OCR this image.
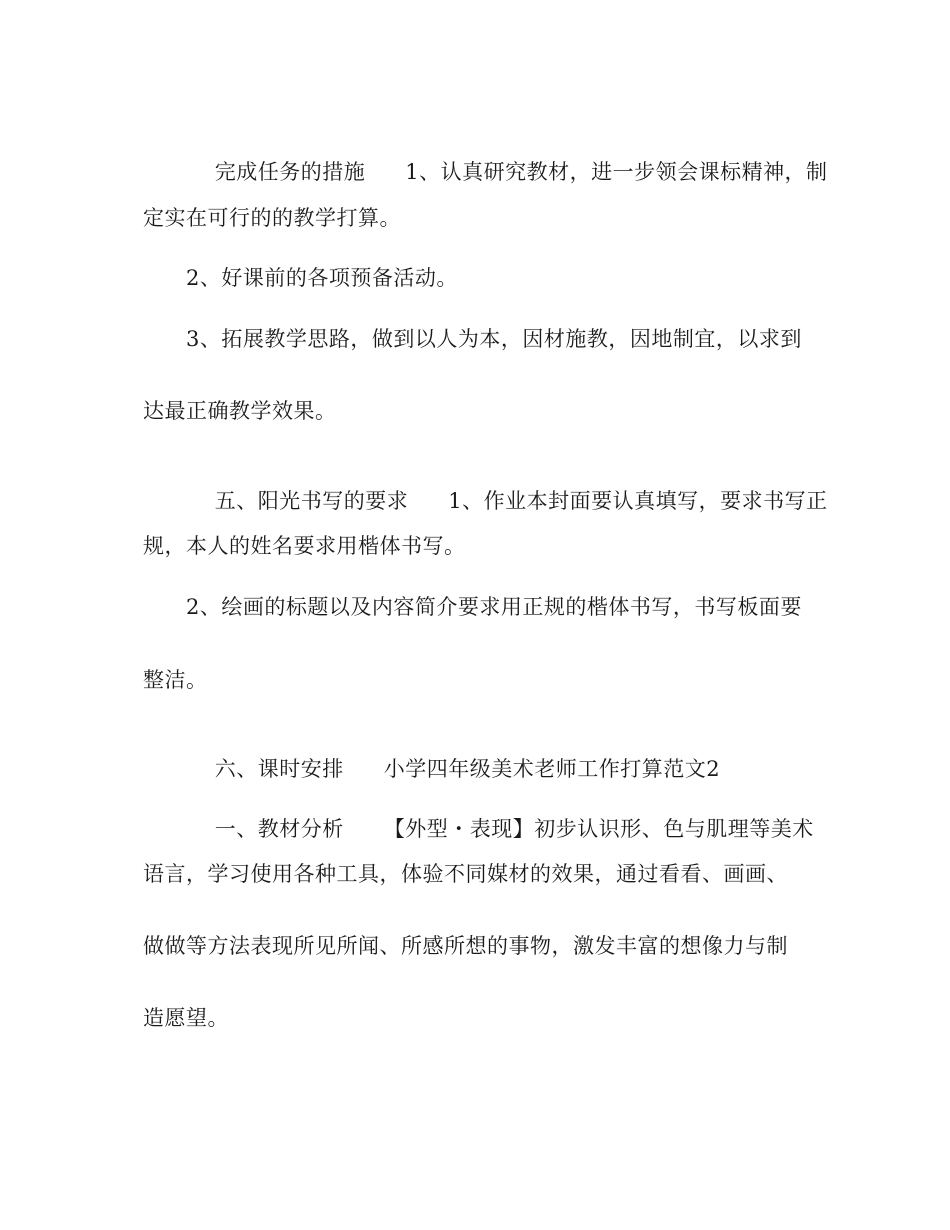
完成任务的措施 1、认真研究教材，进一步领会课标精神，制

定实在可行的的教学打算。
2、好课前的各项预备活动。
3、拓展教学思路，做到以人为本，因材施教，因地制宜，以求到
达最正确教学效果。

五、阳光书写的要求 1、作业本封面要认真填写，要求书写正

规，本人的姓名要求用楷体书写。
2、绘画的标题以及内容简介要求用正规的楷体书写，书写板面要
整洁。

六、课时安排 小学四年级美术老师工作打算范文2

一、教材分析 【外型・表现】初步认识形、色与肌理等美术

语言，学习使用各种工具，体验不同媒材的效果，通过看看、画画、
做做等方法表现所见所闻、所感所想的事物，激发丰富的想像力与制
造愿望。
